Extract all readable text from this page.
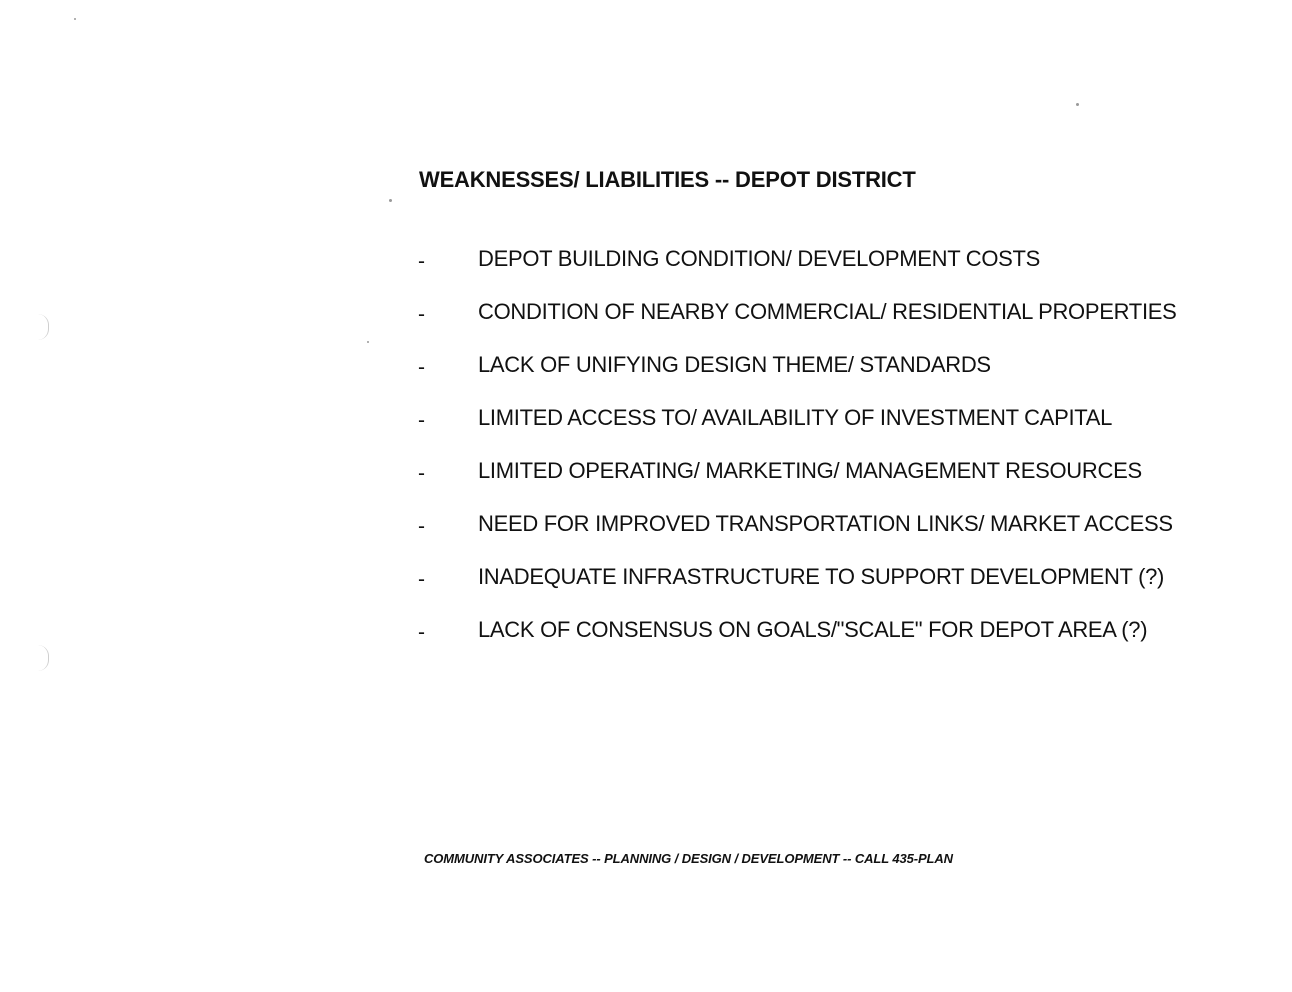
WEAKNESSES/ LIABILITIES -- DEPOT DISTRICT
- DEPOT BUILDING CONDITION/ DEVELOPMENT COSTS
- CONDITION OF NEARBY COMMERCIAL/ RESIDENTIAL PROPERTIES
- LACK OF UNIFYING DESIGN THEME/ STANDARDS
- LIMITED ACCESS TO/ AVAILABILITY OF INVESTMENT CAPITAL
- LIMITED OPERATING/ MARKETING/ MANAGEMENT RESOURCES
- NEED FOR IMPROVED TRANSPORTATION LINKS/ MARKET ACCESS
- INADEQUATE INFRASTRUCTURE TO SUPPORT DEVELOPMENT (?)
- LACK OF CONSENSUS ON GOALS/"SCALE" FOR DEPOT AREA (?)
COMMUNITY ASSOCIATES -- PLANNING / DESIGN / DEVELOPMENT -- CALL 435-PLAN
